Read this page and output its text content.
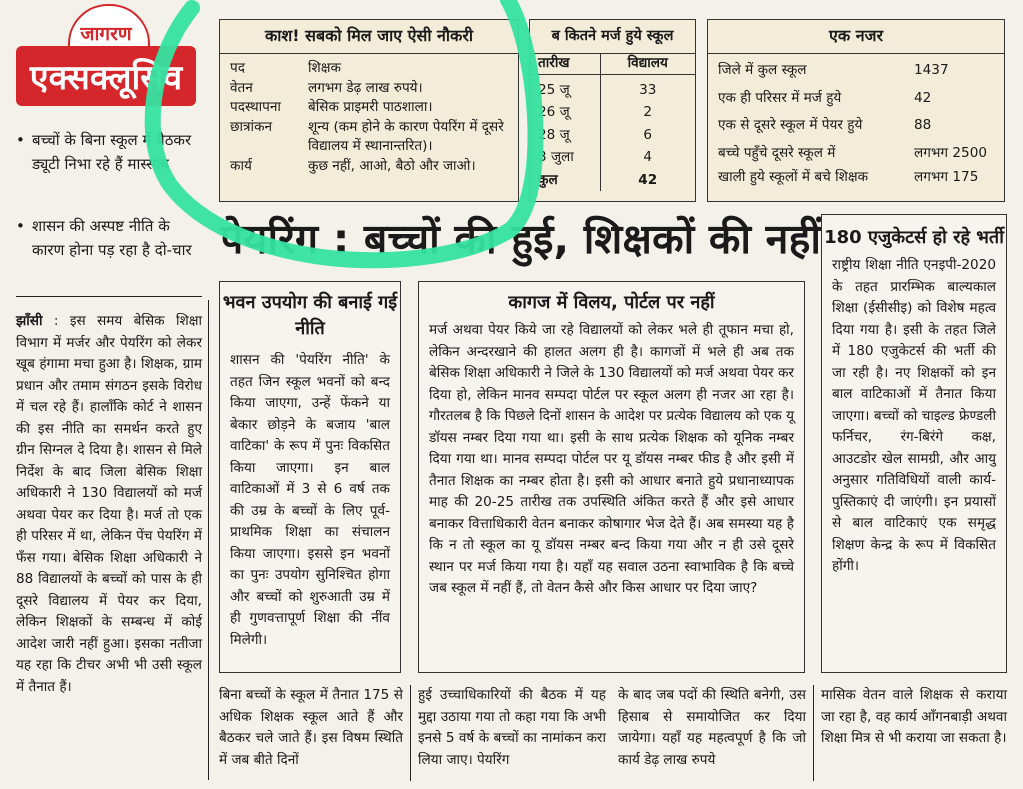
जागरण
एक्सक्लूसिव
• बच्चों के बिना स्कूल में बैठकर ड्यूटी निभा रहे हैं मास्साब
• शासन की अस्पष्ट नीति के कारण होना पड़ रहा है दो-चार
झाँसी : इस समय बेसिक शिक्षा विभाग में मर्जर और पेयरिंग को लेकर खूब हंगामा मचा हुआ है। शिक्षक, ग्राम प्रधान और तमाम संगठन इसके विरोध में चल रहे हैं। हालाँकि कोर्ट ने शासन की इस नीति का समर्थन करते हुए ग्रीन सिग्नल दे दिया है। शासन से मिले निर्देश के बाद जिला बेसिक शिक्षा अधिकारी ने 130 विद्यालयों को मर्ज अथवा पेयर कर दिया है। मर्ज तो एक ही परिसर में था, लेकिन पेंच पेयरिंग में फँस गया। बेसिक शिक्षा अधिकारी ने 88 विद्यालयों के बच्चों को पास के ही दूसरे विद्यालय में पेयर कर दिया, लेकिन शिक्षकों के सम्बन्ध में कोई आदेश जारी नहीं हुआ। इसका नतीजा यह रहा कि टीचर अभी भी उसी स्कूल में तैनात हैं।
काश! सबको मिल जाए ऐसी नौकरी
पद	शिक्षक
वेतन	लगभग डेढ़ लाख रुपये।
पदस्थापना	बेसिक प्राइमरी पाठशाला।
छात्रांकन	शून्य (कम होने के कारण पेयरिंग में दूसरे विद्यालय में स्थानान्तरित)।
कार्य	कुछ नहीं, आओ, बैठो और जाओ।
ब कितने मर्ज हुये स्कूल
तारीख	विद्यालय
25 जू	33
26 जू	2
28 जू	6
3 जुला	4
कुल	42
एक नजर
जिले में कुल स्कूल	1437
एक ही परिसर में मर्ज हुये	42
एक से दूसरे स्कूल में पेयर हुये	88
बच्चे पहुँचे दूसरे स्कूल में	लगभग 2500
खाली हुये स्कूलों में बचे शिक्षक	लगभग 175
पेयरिंग : बच्चों की हुई, शिक्षकों की नहीं
भवन उपयोग की बनाई गई नीति
शासन की 'पेयरिंग नीति' के तहत जिन स्कूल भवनों को बन्द किया जाएगा, उन्हें फेंकने या बेकार छोड़ने के बजाय 'बाल वाटिका' के रूप में पुनः विकसित किया जाएगा। इन बाल वाटिकाओं में 3 से 6 वर्ष तक की उम्र के बच्चों के लिए पूर्व-प्राथमिक शिक्षा का संचालन किया जाएगा। इससे इन भवनों का पुनः उपयोग सुनिश्चित होगा और बच्चों को शुरुआती उम्र में ही गुणवत्तापूर्ण शिक्षा की नींव मिलेगी।
कागज में विलय, पोर्टल पर नहीं
मर्ज अथवा पेयर किये जा रहे विद्यालयों को लेकर भले ही तूफान मचा हो, लेकिन अन्दरखाने की हालत अलग ही है। कागजों में भले ही अब तक बेसिक शिक्षा अधिकारी ने जिले के 130 विद्यालयों को मर्ज अथवा पेयर कर दिया हो, लेकिन मानव सम्पदा पोर्टल पर स्कूल अलग ही नजर आ रहा है। गौरतलब है कि पिछले दिनों शासन के आदेश पर प्रत्येक विद्यालय को एक यू डॉयस नम्बर दिया गया था। इसी के साथ प्रत्येक शिक्षक को यूनिक नम्बर दिया गया था। मानव सम्पदा पोर्टल पर यू डॉयस नम्बर फीड है और इसी में तैनात शिक्षक का नम्बर होता है। इसी को आधार बनाते हुये प्रधानाध्यापक माह की 20-25 तारीख तक उपस्थिति अंकित करते हैं और इसे आधार बनाकर वित्ताधिकारी वेतन बनाकर कोषागार भेज देते हैं। अब समस्या यह है कि न तो स्कूल का यू डॉयस नम्बर बन्द किया गया और न ही उसे दूसरे स्थान पर मर्ज किया गया है। यहाँ यह सवाल उठना स्वाभाविक है कि बच्चे जब स्कूल में नहीं हैं, तो वेतन कैसे और किस आधार पर दिया जाए?
180 एजुकेटर्स हो रहे भर्ती
राष्ट्रीय शिक्षा नीति एनइपी-2020 के तहत प्रारम्भिक बाल्यकाल शिक्षा (ईसीसीइ) को विशेष महत्व दिया गया है। इसी के तहत जिले में 180 एजुकेटर्स की भर्ती की जा रही है। नए शिक्षकों को इन बाल वाटिकाओं में तैनात किया जाएगा। बच्चों को चाइल्ड फ्रेण्डली फर्निचर, रंग-बिरंगे कक्ष, आउटडोर खेल सामग्री, और आयु अनुसार गतिविधियों वाली कार्य-पुस्तिकाएं दी जाएंगी। इन प्रयासों से बाल वाटिकाएं एक समृद्ध शिक्षण केन्द्र के रूप में विकसित होंगी।
बिना बच्चों के स्कूल में तैनात 175 से अधिक शिक्षक स्कूल आते हैं और बैठकर चले जाते हैं। इस विषम स्थिति में जब बीते दिनों
हुई उच्चाधिकारियों की बैठक में यह मुद्दा उठाया गया तो कहा गया कि अभी इनसे 5 वर्ष के बच्चों का नामांकन करा लिया जाए। पेयरिंग
के बाद जब पदों की स्थिति बनेगी, उस हिसाब से समायोजित कर दिया जायेगा। यहाँ यह महत्वपूर्ण है कि जो कार्य डेढ़ लाख रुपये
मासिक वेतन वाले शिक्षक से कराया जा रहा है, वह कार्य आँगनबाड़ी अथवा शिक्षा मित्र से भी कराया जा सकता है।
